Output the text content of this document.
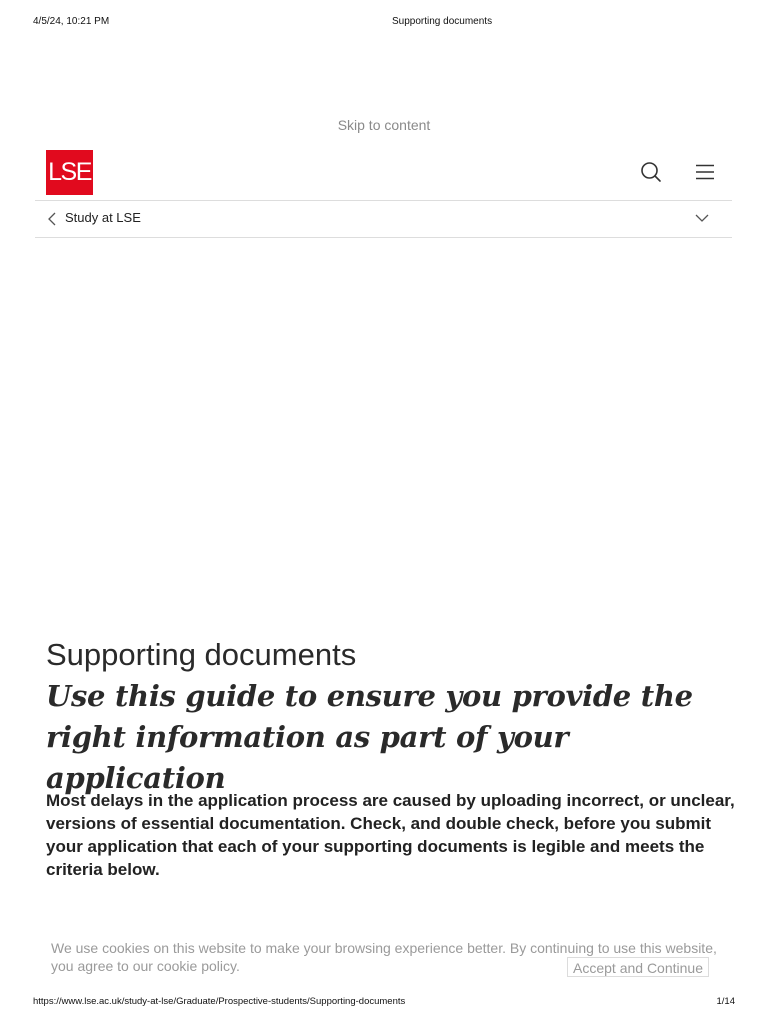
4/5/24, 10:21 PM	Supporting documents
Skip to content
LSE
Study at LSE
Supporting documents
Use this guide to ensure you provide the right information as part of your application

Most delays in the application process are caused by uploading incorrect, or unclear, versions of essential documentation. Check, and double check, before you submit your application that each of your supporting documents is legible and meets the criteria below.

We use cookies on this website to make your browsing experience better. By continuing to use this website, you agree to our cookie policy.	Accept and Continue
https://www.lse.ac.uk/study-at-lse/Graduate/Prospective-students/Supporting-documents	1/14
